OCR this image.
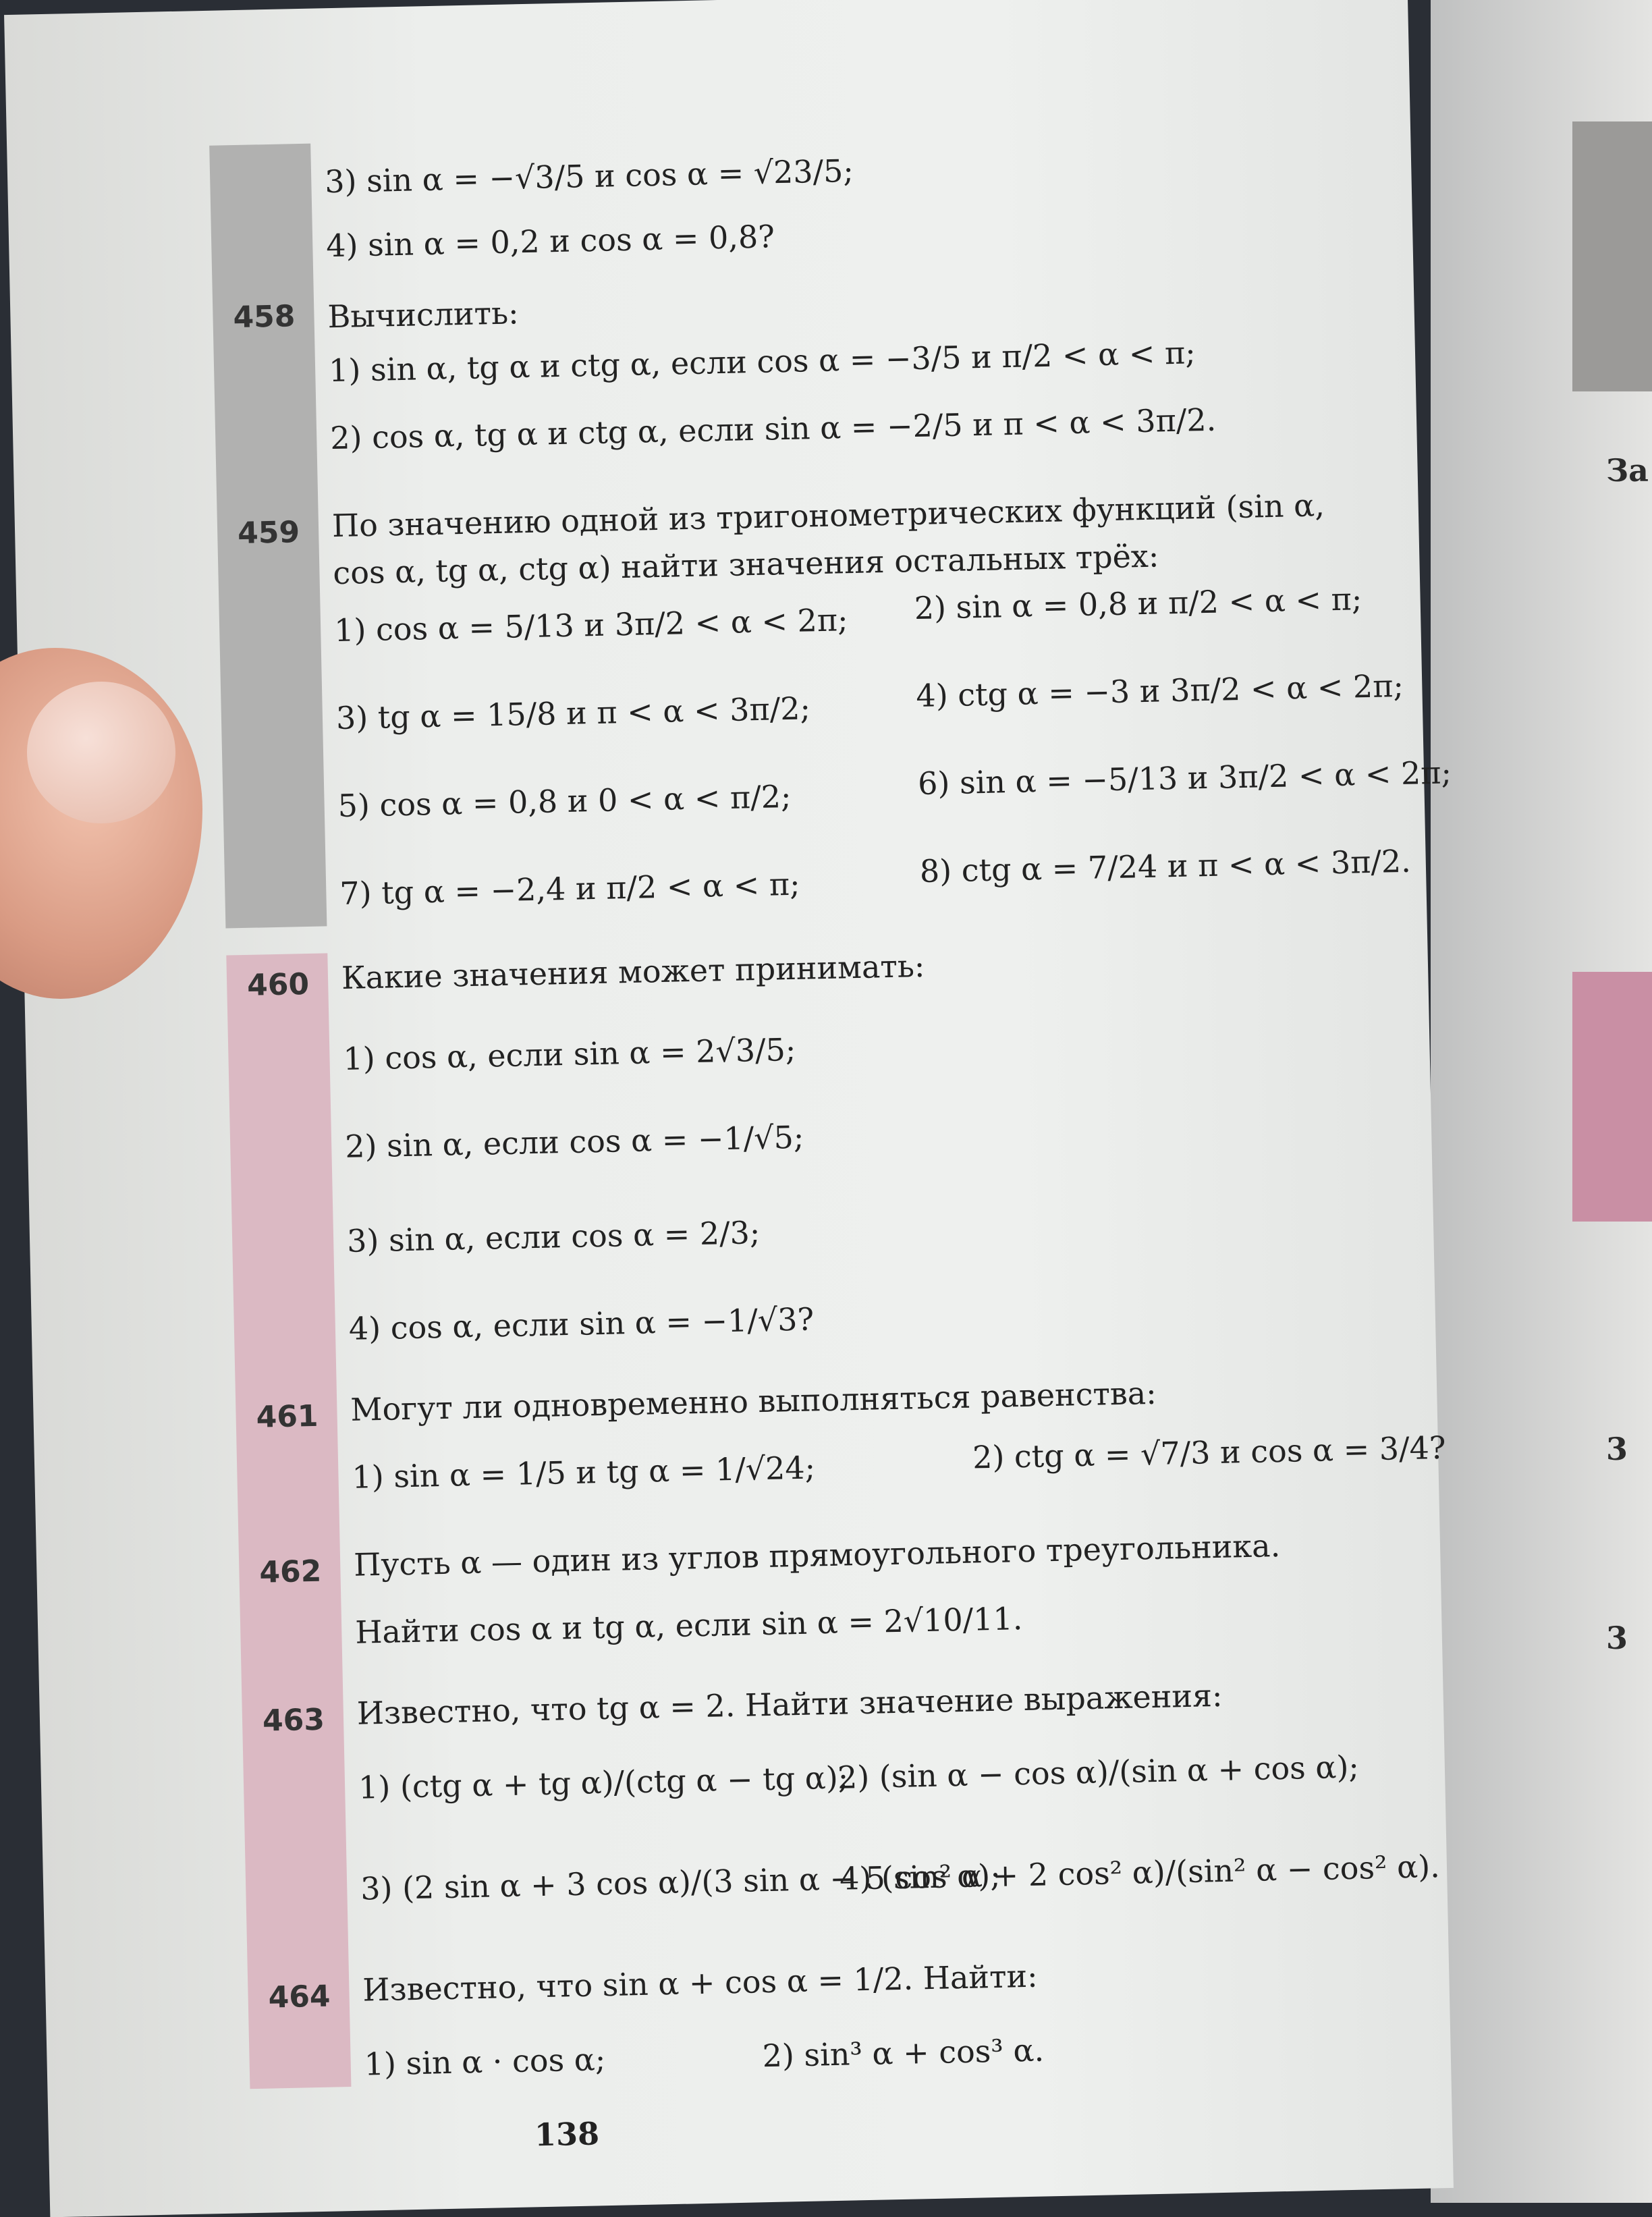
За
3
3
3) sin α = −√3/5 и cos α = √23/5;
4) sin α = 0,2 и cos α = 0,8?
458 Вычислить:
1) sin α, tg α и ctg α, если cos α = −3/5 и π/2 < α < π;
2) cos α, tg α и ctg α, если sin α = −2/5 и π < α < 3π/2.
459 По значению одной из тригонометрических функций (sin α,
cos α, tg α, ctg α) найти значения остальных трёх:
1) cos α = 5/13 и 3π/2 < α < 2π; 2) sin α = 0,8 и π/2 < α < π;
3) tg α = 15/8 и π < α < 3π/2;	4) ctg α = −3 и 3π/2 < α < 2π;
5) cos α = 0,8 и 0 < α < π/2;	6) sin α = −5/13 и 3π/2 < α < 2π;
7) tg α = −2,4 и π/2 < α < π;	8) ctg α = 7/24 и π < α < 3π/2.
460 Какие значения может принимать:
1) cos α, если sin α = 2√3/5;
2) sin α, если cos α = −1/√5;
3) sin α, если cos α = 2/3;
4) cos α, если sin α = −1/√3?
461 Могут ли одновременно выполняться равенства:
1) sin α = 1/5 и tg α = 1/√24;	2) ctg α = √7/3 и cos α = 3/4?
462 Пусть α — один из углов прямоугольного треугольника.
Найти cos α и tg α, если sin α = 2√10/11.
463 Известно, что tg α = 2. Найти значение выражения:
1) (ctg α + tg α)/(ctg α − tg α);
2) (sin α − cos α)/(sin α + cos α);
3) (2 sin α + 3 cos α)/(3 sin α − 5 cos α);
4) (sin² α + 2 cos² α)/(sin² α − cos² α).
464 Известно, что sin α + cos α = 1/2. Найти:
1) sin α · cos α;	2) sin³ α + cos³ α.
138
